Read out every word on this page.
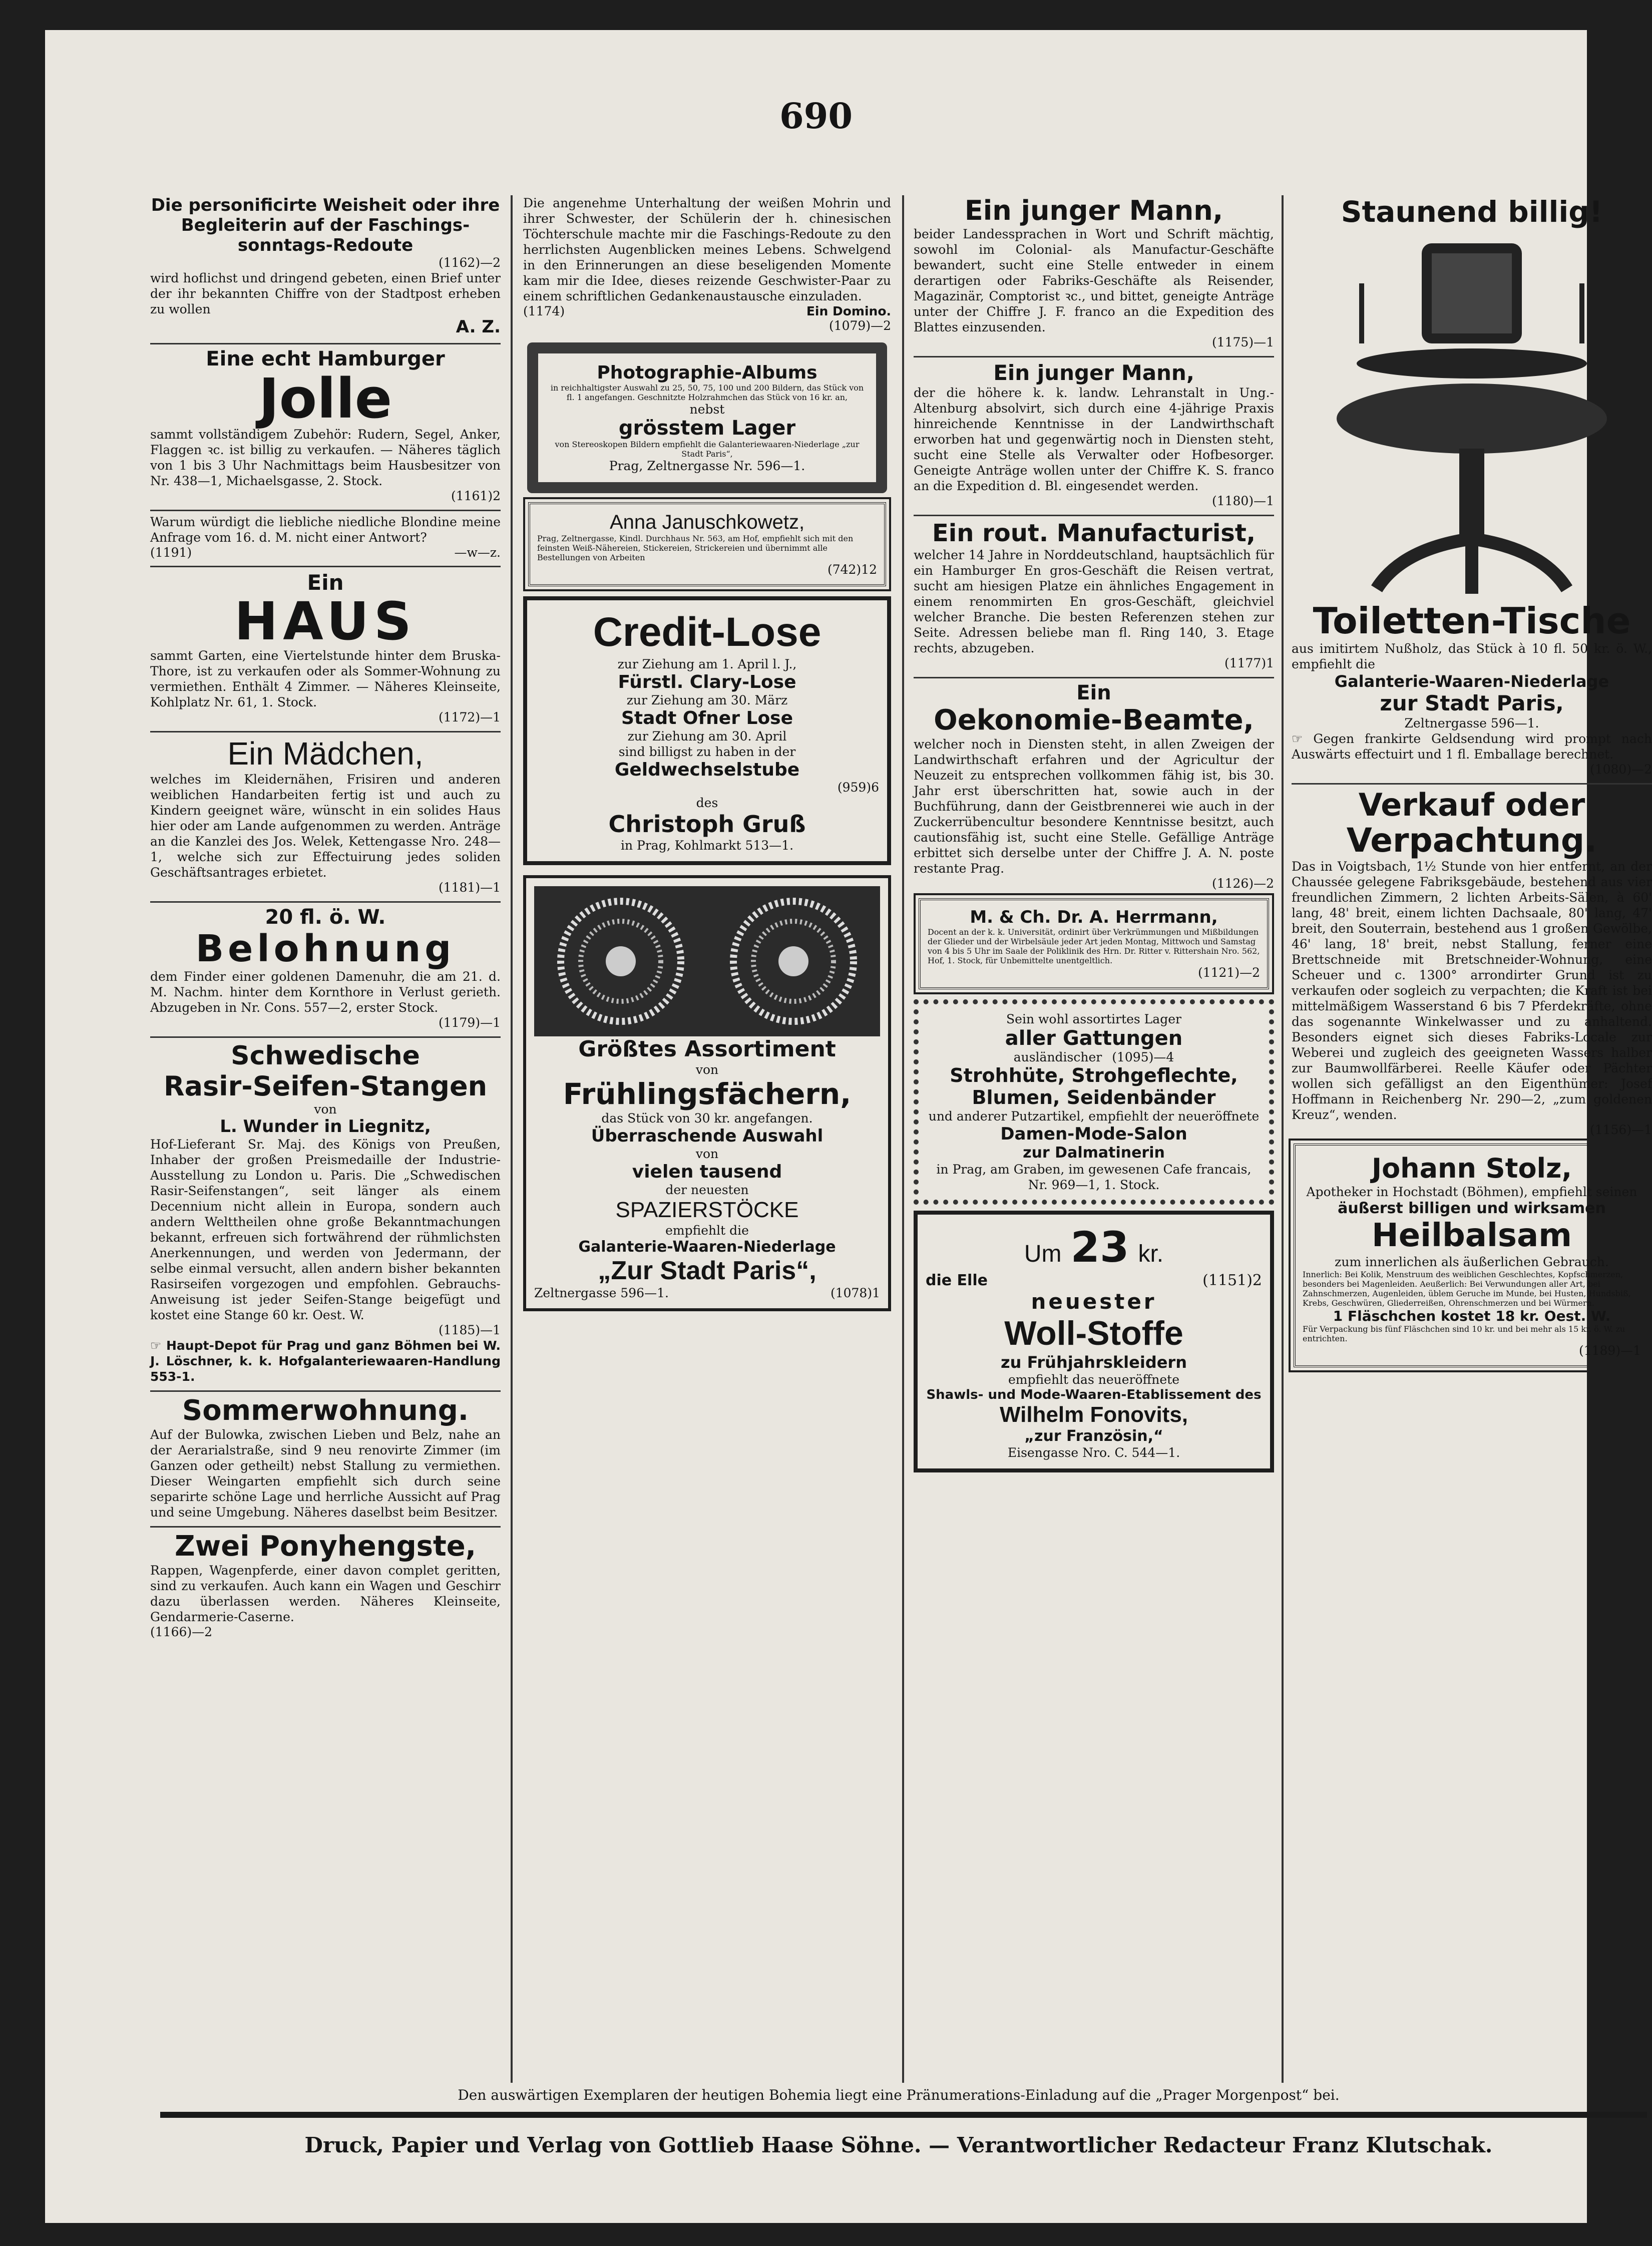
690
Die personificirte Weisheit oder ihre Begleiterin auf der Faschings-sonntags-Redoute
(1162)—2

wird hoflichst und dringend gebeten, einen Brief unter der ihr bekannten Chiffre von der Stadtpost erheben zu wollen

A. Z.
Eine echt Hamburger
Jolle

sammt vollständigem Zubehör: Rudern, Segel, Anker, Flaggen ꝛc. ist billig zu verkaufen. — Näheres täglich von 1 bis 3 Uhr Nachmittags beim Hausbesitzer von Nr. 438—1, Michaelsgasse, 2. Stock.

(1161)2

Warum würdigt die liebliche niedliche Blondine meine Anfrage vom 16. d. M. nicht einer Antwort?

(1191)	—w—z.
Ein
HAUS

sammt Garten, eine Viertelstunde hinter dem Bruska-Thore, ist zu verkaufen oder als Sommer-Wohnung zu vermiethen. Enthält 4 Zimmer. — Näheres Kleinseite, Kohlplatz Nr. 61, 1. Stock.

(1172)—1
Ein Mädchen,

welches im Kleidernähen, Frisiren und anderen weiblichen Handarbeiten fertig ist und auch zu Kindern geeignet wäre, wünscht in ein solides Haus hier oder am Lande aufgenommen zu werden. Anträge an die Kanzlei des Jos. Welek, Kettengasse Nro. 248—1, welche sich zur Effectuirung jedes soliden Geschäftsantrages erbietet.

(1181)—1
20 fl. ö. W.
Belohnung

dem Finder einer goldenen Damenuhr, die am 21. d. M. Nachm. hinter dem Kornthore in Verlust gerieth. Abzugeben in Nr. Cons. 557—2, erster Stock.

(1179)—1
Schwedische
Rasir-Seifen-Stangen
von
L. Wunder in Liegnitz,

Hof-Lieferant Sr. Maj. des Königs von Preußen, Inhaber der großen Preismedaille der Industrie-Ausstellung zu London u. Paris. Die „Schwedischen Rasir-Seifenstangen“, seit länger als einem Decennium nicht allein in Europa, sondern auch andern Welttheilen ohne große Bekanntmachungen bekannt, erfreuen sich fortwährend der rühmlichsten Anerkennungen, und werden von Jedermann, der selbe einmal versucht, allen andern bisher bekannten Rasirseifen vorgezogen und empfohlen. Gebrauchs-Anweisung ist jeder Seifen-Stange beigefügt und kostet eine Stange 60 kr. Oest. W.

(1185)—1

☞ Haupt-Depot für Prag und ganz Böhmen bei W. J. Löschner, k. k. Hofgalanteriewaaren-Handlung 553-1.

Sommerwohnung.

Auf der Bulowka, zwischen Lieben und Belz, nahe an der Aerarialstraße, sind 9 neu renovirte Zimmer (im Ganzen oder getheilt) nebst Stallung zu vermiethen. Dieser Weingarten empfiehlt sich durch seine separirte schöne Lage und herrliche Aussicht auf Prag und seine Umgebung. Näheres daselbst beim Besitzer.

Zwei Ponyhengste,

Rappen, Wagenpferde, einer davon complet geritten, sind zu verkaufen. Auch kann ein Wagen und Geschirr dazu überlassen werden. Näheres Kleinseite, Gendarmerie-Caserne.

(1166)—2

Die angenehme Unterhaltung der weißen Mohrin und ihrer Schwester, der Schülerin der h. chinesischen Töchterschule machte mir die Faschings-Redoute zu den herrlichsten Augenblicken meines Lebens. Schwelgend in den Erinnerungen an diese beseligenden Momente kam mir die Idee, dieses reizende Geschwister-Paar zu einem schriftlichen Gedankenaustausche einzuladen.

(1174)	Ein Domino.
(1079)—2
Photographie-Albums

in reichhaltigster Auswahl zu 25, 50, 75, 100 und 200 Bildern, das Stück von fl. 1 angefangen. Geschnitzte Holzrahmchen das Stück von 16 kr. an,

nebst
grösstem Lager

von Stereoskopen Bildern empfiehlt die Galanteriewaaren-Niederlage „zur Stadt Paris“,

Prag, Zeltnergasse Nr. 596—1.
Anna Januschkowetz,

Prag, Zeltnergasse, Kindl. Durchhaus Nr. 563, am Hof, empfiehlt sich mit den feinsten Weiß-Nähereien, Stickereien, Strickereien und übernimmt alle Bestellungen von Arbeiten

(742)12
Credit-Lose
zur Ziehung am 1. April l. J.,
Fürstl. Clary-Lose
zur Ziehung am 30. März
Stadt Ofner Lose
zur Ziehung am 30. April
sind billigst zu haben in der
Geldwechselstube
(959)6
des
Christoph Gruß
in Prag, Kohlmarkt 513—1.
Größtes Assortiment
von
Frühlingsfächern,
das Stück von 30 kr. angefangen.
Überraschende Auswahl
von
vielen tausend
der neuesten
SPAZIERSTÖCKE
empfiehlt die
Galanterie-Waaren-Niederlage
„Zur Stadt Paris“,
Zeltnergasse 596—1.	(1078)1
Ein junger Mann,

beider Landessprachen in Wort und Schrift mächtig, sowohl im Colonial- als Manufactur-Geschäfte bewandert, sucht eine Stelle entweder in einem derartigen oder Fabriks-Geschäfte als Reisender, Magazinär, Comptorist ꝛc., und bittet, geneigte Anträge unter der Chiffre J. F. franco an die Expedition des Blattes einzusenden.

(1175)—1
Ein junger Mann,

der die höhere k. k. landw. Lehranstalt in Ung.-Altenburg absolvirt, sich durch eine 4-jährige Praxis hinreichende Kenntnisse in der Landwirthschaft erworben hat und gegenwärtig noch in Diensten steht, sucht eine Stelle als Verwalter oder Hofbesorger. Geneigte Anträge wollen unter der Chiffre K. S. franco an die Expedition d. Bl. eingesendet werden.

(1180)—1
Ein rout. Manufacturist,

welcher 14 Jahre in Norddeutschland, hauptsächlich für ein Hamburger En gros-Geschäft die Reisen vertrat, sucht am hiesigen Platze ein ähnliches Engagement in einem renommirten En gros-Geschäft, gleichviel welcher Branche. Die besten Referenzen stehen zur Seite. Adressen beliebe man fl. Ring 140, 3. Etage rechts, abzugeben.

(1177)1
Ein
Oekonomie-Beamte,

welcher noch in Diensten steht, in allen Zweigen der Landwirthschaft erfahren und der Agricultur der Neuzeit zu entsprechen vollkommen fähig ist, bis 30. Jahr erst überschritten hat, sowie auch in der Buchführung, dann der Geistbrennerei wie auch in der Zuckerrübencultur besondere Kenntnisse besitzt, auch cautionsfähig ist, sucht eine Stelle. Gefällige Anträge erbittet sich derselbe unter der Chiffre J. A. N. poste restante Prag.

(1126)—2
M. & Ch. Dr. A. Herrmann,

Docent an der k. k. Universität, ordinirt über Verkrümmungen und Mißbildungen der Glieder und der Wirbelsäule jeder Art jeden Montag, Mittwoch und Samstag von 4 bis 5 Uhr im Saale der Poliklinik des Hrn. Dr. Ritter v. Rittershain Nro. 562, Hof, 1. Stock, für Unbemittelte unentgeltlich.

(1121)—2
Sein wohl assortirtes Lager
aller Gattungen
ausländischer (1095)—4
Strohhüte, Strohgeflechte,
Blumen, Seidenbänder
und anderer Putzartikel, empfiehlt der neueröffnete
Damen-Mode-Salon
zur Dalmatinerin
in Prag, am Graben, im gewesenen Cafe francais, Nr. 969—1, 1. Stock.
Um 23 kr.
die Elle	(1151)2
neuester
Woll-Stoffe
zu Frühjahrskleidern
empfiehlt das neueröffnete
Shawls- und Mode-Waaren-Etablissement des
Wilhelm Fonovits,
„zur Französin,“
Eisengasse Nro. C. 544—1.
Staunend billig!
Toiletten-Tische

aus imitirtem Nußholz, das Stück à 10 fl. 50 kr. ö. W., empfiehlt die

Galanterie-Waaren-Niederlage
zur Stadt Paris,
Zeltnergasse 596—1.

☞ Gegen frankirte Geldsendung wird prompt nach Auswärts effectuirt und 1 fl. Emballage berechnet.

(1080)—2
Verkauf oder
Verpachtung.

Das in Voigtsbach, 1½ Stunde von hier entfernt, an der Chaussée gelegene Fabriksgebäude, bestehend aus vier freundlichen Zimmern, 2 lichten Arbeits-Sälen, à 60' lang, 48' breit, einem lichten Dachsaale, 80' lang, 47' breit, den Souterrain, bestehend aus 1 großen Gewölbe, 46' lang, 18' breit, nebst Stallung, ferner eine Brettschneide mit Bretschneider-Wohnung, eine Scheuer und c. 1300° arrondirter Grund ist zu verkaufen oder sogleich zu verpachten; die Kraft ist bei mittelmäßigem Wasserstand 6 bis 7 Pferdekräfte, ohne das sogenannte Winkelwasser und zu anhaltend. Besonders eignet sich dieses Fabriks-Locale zur Weberei und zugleich des geeigneten Wassers halber zur Baumwollfärberei. Reelle Käufer oder Pächter wollen sich gefälligst an den Eigenthümer: Josef Hoffmann in Reichenberg Nr. 290—2, „zum goldenen Kreuz“, wenden.

(1156)—1
Johann Stolz,
Apotheker in Hochstadt (Böhmen), empfiehlt seinen
äußerst billigen und wirksamen
Heilbalsam
zum innerlichen als äußerlichen Gebrauch.

Innerlich: Bei Kolik, Menstruum des weiblichen Geschlechtes, Kopfschmerzen, besonders bei Magenleiden. Aeußerlich: Bei Verwundungen aller Art, bei Zahnschmerzen, Augenleiden, üblem Geruche im Munde, bei Husten, Hundsbiß, Krebs, Geschwüren, Gliederreißen, Ohrenschmerzen und bei Würmern.

1 Fläschchen kostet 18 kr. Oest. W.

Für Verpackung bis fünf Fläschchen sind 10 kr. und bei mehr als 15 kr. ö. W. zu entrichten.

(1189)—1
Den auswärtigen Exemplaren der heutigen Bohemia liegt eine Pränumerations-Einladung auf die „Prager Morgenpost“ bei.
Druck, Papier und Verlag von Gottlieb Haase Söhne. — Verantwortlicher Redacteur Franz Klutschak.
